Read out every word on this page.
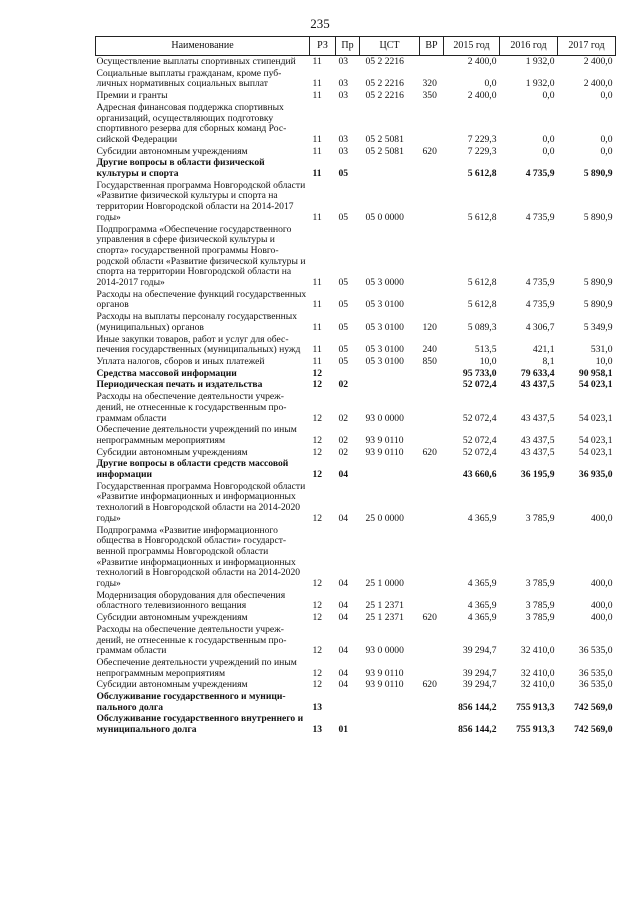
235
Наименование	РЗ	Пр	ЦСТ	ВР	2015 год	2016 год	2017 год
Осуществление выплаты спортивных стипендий	11	03	05 2 2216		2 400,0	1 932,0	2 400,0
Социальные выплаты гражданам, кроме публичных нормативных социальных выплат	11	03	05 2 2216	320	0,0	1 932,0	2 400,0
Премии и гранты	11	03	05 2 2216	350	2 400,0	0,0	0,0
Адресная финансовая поддержка спортивных организаций, осуществляющих подготовку спортивного резерва для сборных команд Российской Федерации	11	03	05 2 5081		7 229,3	0,0	0,0
Субсидии автономным учреждениям	11	03	05 2 5081	620	7 229,3	0,0	0,0
Другие вопросы в области физической культуры и спорта	11	05			5 612,8	4 735,9	5 890,9
Государственная программа Новгородской области «Развитие физической культуры и спорта на территории Новгородской области на 2014-2017 годы»	11	05	05 0 0000		5 612,8	4 735,9	5 890,9
Подпрограмма «Обеспечение государственного управления в сфере физической культуры и спорта» государственной программы Новгородской области «Развитие физической культуры и спорта на территории Новгородской области на 2014-2017 годы»	11	05	05 3 0000		5 612,8	4 735,9	5 890,9
Расходы на обеспечение функций государственных органов	11	05	05 3 0100		5 612,8	4 735,9	5 890,9
Расходы на выплаты персоналу государственных (муниципальных) органов	11	05	05 3 0100	120	5 089,3	4 306,7	5 349,9
Иные закупки товаров, работ и услуг для обеспечения государственных (муниципальных) нужд	11	05	05 3 0100	240	513,5	421,1	531,0
Уплата налогов, сборов и иных платежей	11	05	05 3 0100	850	10,0	8,1	10,0
Средства массовой информации	12				95 733,0	79 633,4	90 958,1
Периодическая печать и издательства	12	02			52 072,4	43 437,5	54 023,1
Расходы на обеспечение деятельности учреждений, не отнесенные к государственным программам области	12	02	93 0 0000		52 072,4	43 437,5	54 023,1
Обеспечение деятельности учреждений по иным непрограммным мероприятиям	12	02	93 9 0110		52 072,4	43 437,5	54 023,1
Субсидии автономным учреждениям	12	02	93 9 0110	620	52 072,4	43 437,5	54 023,1
Другие вопросы в области средств массовой информации	12	04			43 660,6	36 195,9	36 935,0
Государственная программа Новгородской области «Развитие информационных и информационных технологий в Новгородской области на 2014-2020 годы»	12	04	25 0 0000		4 365,9	3 785,9	400,0
Подпрограмма «Развитие информационного общества в Новгородской области» государственной программы Новгородской области «Развитие информационных и информационных технологий в Новгородской области на 2014-2020 годы»	12	04	25 1 0000		4 365,9	3 785,9	400,0
Модернизация оборудования для обеспечения областного телевизионного вещания	12	04	25 1 2371		4 365,9	3 785,9	400,0
Субсидии автономным учреждениям	12	04	25 1 2371	620	4 365,9	3 785,9	400,0
Расходы на обеспечение деятельности учреждений, не отнесенные к государственным программам области	12	04	93 0 0000		39 294,7	32 410,0	36 535,0
Обеспечение деятельности учреждений по иным непрограммным мероприятиям	12	04	93 9 0110		39 294,7	32 410,0	36 535,0
Субсидии автономным учреждениям	12	04	93 9 0110	620	39 294,7	32 410,0	36 535,0
Обслуживание государственного и муниципального долга	13				856 144,2	755 913,3	742 569,0
Обслуживание государственного внутреннего и муниципального долга	13	01			856 144,2	755 913,3	742 569,0
